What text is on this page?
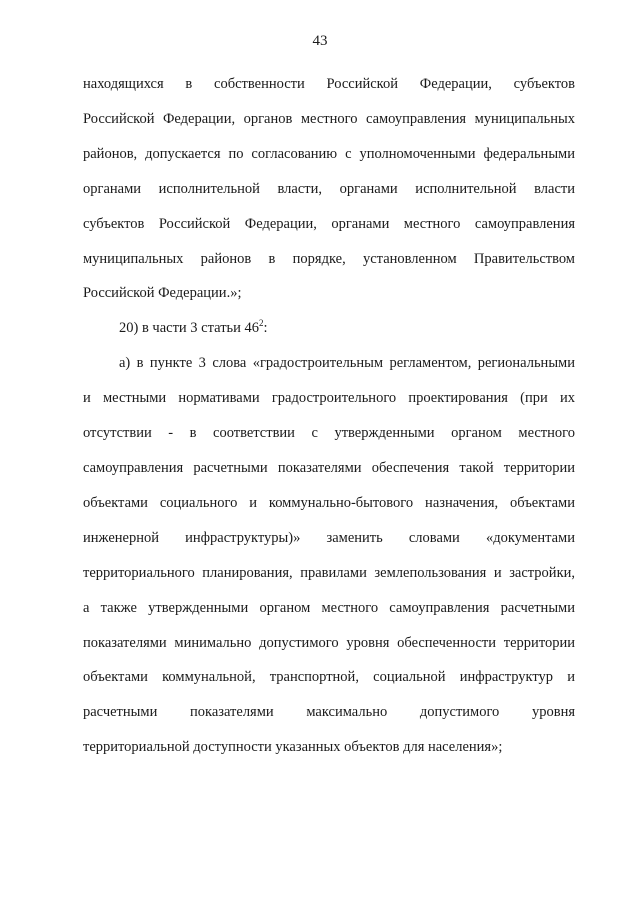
43
находящихся в собственности Российской Федерации, субъектов
Российской Федерации, органов местного самоуправления муниципальных
районов, допускается по согласованию с уполномоченными федеральными
органами исполнительной власти, органами исполнительной власти
субъектов Российской Федерации, органами местного самоуправления
муниципальных районов в порядке, установленном Правительством
Российской Федерации.»;
20) в части 3 статьи $46^2$:
а) в пункте 3 слова «градостроительным регламентом, региональными
и местными нормативами градостроительного проектирования (при их
отсутствии - в соответствии с утвержденными органом местного
самоуправления расчетными показателями обеспечения такой территории
объектами социального и коммунально-бытового назначения, объектами
инженерной инфраструктуры)» заменить словами «документами
территориального планирования, правилами землепользования и застройки,
а также утвержденными органом местного самоуправления расчетными
показателями минимально допустимого уровня обеспеченности территории
объектами коммунальной, транспортной, социальной инфраструктур и
расчетными показателями максимально допустимого уровня
территориальной доступности указанных объектов для населения»;
